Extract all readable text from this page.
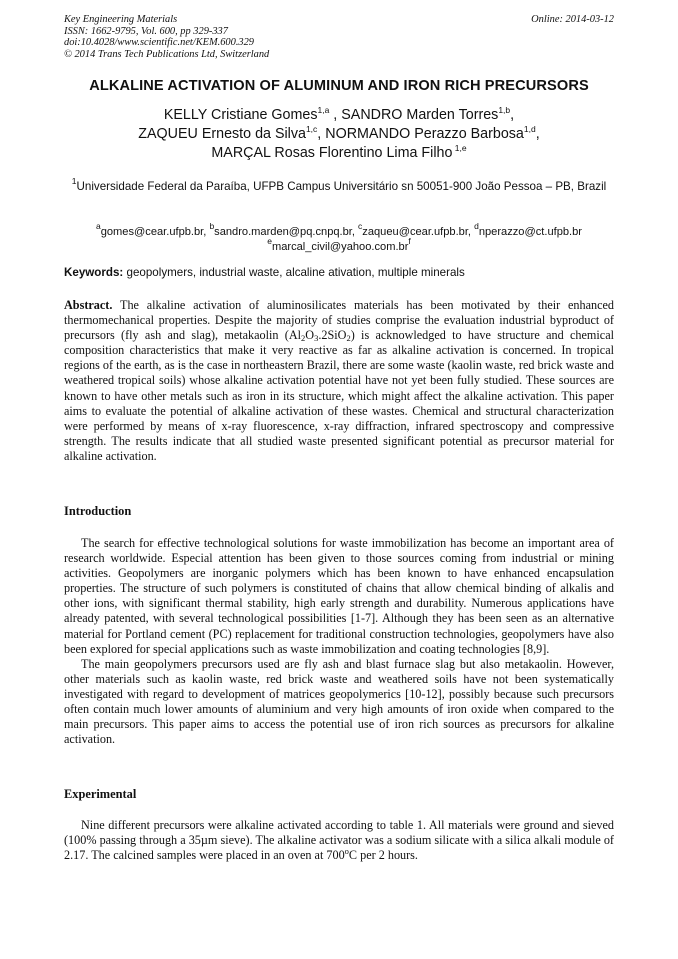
Key Engineering Materials
ISSN: 1662-9795, Vol. 600, pp 329-337
doi:10.4028/www.scientific.net/KEM.600.329
© 2014 Trans Tech Publications Ltd, Switzerland
Online: 2014-03-12
ALKALINE ACTIVATION OF ALUMINUM AND IRON RICH PRECURSORS
KELLY Cristiane Gomes$^{1,a}$ , SANDRO Marden Torres$^{1,b}$,
ZAQUEU Ernesto da Silva$^{1,c}$, NORMANDO Perazzo Barbosa$^{1,d}$,
MARÇAL Rosas Florentino Lima Filho $^{1,e}$
$^1$Universidade Federal da Paraíba, UFPB Campus Universitário sn 50051-900 João Pessoa – PB, Brazil
$^a$gomes@cear.ufpb.br, $^b$sandro.marden@pq.cnpq.br, $^c$zaqueu@cear.ufpb.br, $^d$nperazzo@ct.ufpb.br
$^emarcal\_civil@yahoo.com.br^f$
Keywords: geopolymers, industrial waste, alcaline ativation, multiple minerals
Abstract. The alkaline activation of aluminosilicates materials has been motivated by their enhanced thermomechanical properties. Despite the majority of studies comprise the evaluation industrial byproduct of precursors (fly ash and slag), metakaolin $(Al_2O_3.2SiO_2)$ is acknowledged to have structure and chemical composition characteristics that make it very reactive as far as alkaline activation is concerned. In tropical regions of the earth, as is the case in northeastern Brazil, there are some waste (kaolin waste, red brick waste and weathered tropical soils) whose alkaline activation potential have not yet been fully studied. These sources are known to have other metals such as iron in its structure, which might affect the alkaline activation. This paper aims to evaluate the potential of alkaline activation of these wastes. Chemical and structural characterization were performed by means of x-ray fluorescence, x-ray diffraction, infrared spectroscopy and compressive strength. The results indicate that all studied waste presented significant potential as precursor material for alkaline activation.
Introduction

The search for effective technological solutions for waste immobilization has become an important area of research worldwide. Especial attention has been given to those sources coming from industrial or mining activities. Geopolymers are inorganic polymers which has been known to have enhanced encapsulation properties. The structure of such polymers is constituted of chains that allow chemical binding of alkalis and other ions, with significant thermal stability, high early strength and durability. Numerous applications have already patented, with several technological possibilities [1-7]. Although they has been seen as an alternative material for Portland cement (PC) replacement for traditional construction technologies, geopolymers have also been explored for special applications such as waste immobilization and coating technologies [8,9].

The main geopolymers precursors used are fly ash and blast furnace slag but also metakaolin. However, other materials such as kaolin waste, red brick waste and weathered soils have not been systematically investigated with regard to development of matrices geopolymerics [10-12], possibly because such precursors often contain much lower amounts of aluminium and very high amounts of iron oxide when compared to the main precursors. This paper aims to access the potential use of iron rich sources as precursors for alkaline activation.

Experimental

Nine different precursors were alkaline activated according to table 1. All materials were ground and sieved (100% passing through a 35µm sieve). The alkaline activator was a sodium silicate with a silica alkali module of 2.17. The calcined samples were placed in an oven at 700$^o$C per 2 hours.
